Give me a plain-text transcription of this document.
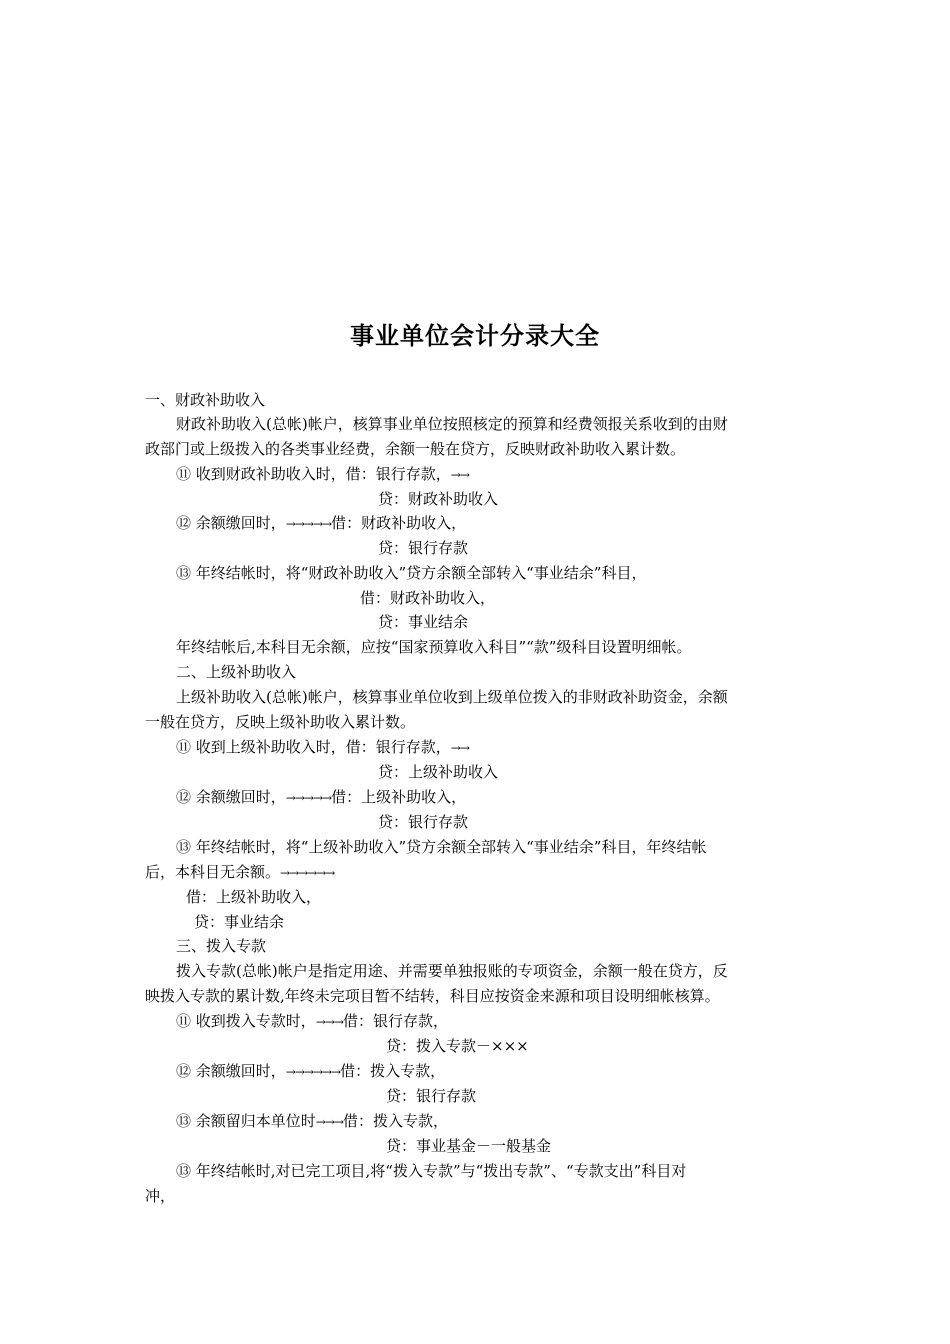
事业单位会计分录大全
一、财政补助收入
财政补助收入(总帐)帐户，核算事业单位按照核定的预算和经费领报关系收到的由财
政部门或上级拨入的各类事业经费，余额一般在贷方，反映财政补助收入累计数。
⑪ 收到财政补助收入时，借：银行存款，→→
贷：财政补助收入
⑫ 余额缴回时，→→→→→借：财政补助收入，
贷：银行存款
⑬ 年终结帐时，将“财政补助收入”贷方余额全部转入“事业结余”科目，
借：财政补助收入，
贷：事业结余
年终结帐后,本科目无余额，应按“国家预算收入科目”“款”级科目设置明细帐。
二、上级补助收入
上级补助收入(总帐)帐户，核算事业单位收到上级单位拨入的非财政补助资金，余额
一般在贷方，反映上级补助收入累计数。
⑪ 收到上级补助收入时，借：银行存款，→→
贷：上级补助收入
⑫ 余额缴回时，→→→→→借：上级补助收入，
贷：银行存款
⑬ 年终结帐时，将“上级补助收入”贷方余额全部转入“事业结余”科目，年终结帐
后，本科目无余额。→→→→→→
借：上级补助收入，
贷：事业结余
三、拨入专款
拨入专款(总帐)帐户是指定用途、并需要单独报账的专项资金，余额一般在贷方，反
映拨入专款的累计数,年终未完项目暂不结转，科目应按资金来源和项目设明细帐核算。
⑪ 收到拨入专款时，→→→借：银行存款，
贷：拨入专款－×××
⑫ 余额缴回时，→→→→→→借：拨入专款，
贷：银行存款
⑬ 余额留归本单位时→→→借：拨入专款，
贷：事业基金－一般基金
⑬ 年终结帐时,对已完工项目,将“拨入专款”与“拨出专款”、“专款支出”科目对
冲，
